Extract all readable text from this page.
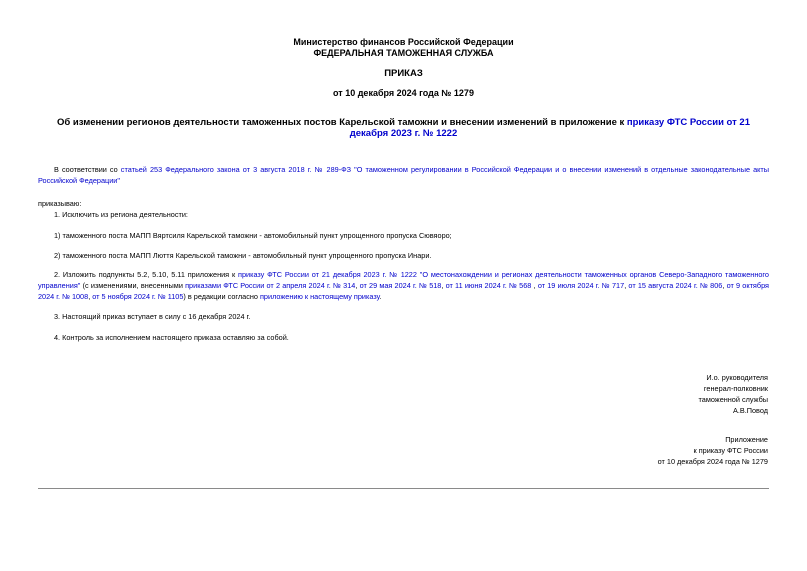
Министерство финансов Российской Федерации
ФЕДЕРАЛЬНАЯ ТАМОЖЕННАЯ СЛУЖБА
ПРИКАЗ
от 10 декабря 2024 года № 1279
Об изменении регионов деятельности таможенных постов Карельской таможни и внесении изменений в приложение к приказу ФТС России от 21 декабря 2023 г. № 1222
В соответствии со статьей 253 Федерального закона от 3 августа 2018 г. № 289-ФЗ "О таможенном регулировании в Российской Федерации и о внесении изменений в отдельные законодательные акты Российской Федерации"
приказываю:
1. Исключить из региона деятельности:
1) таможенного поста МАПП Вяртсиля Карельской таможни - автомобильный пункт упрощенного пропуска Сювяоро;
2) таможенного поста МАПП Люття Карельской таможни - автомобильный пункт упрощенного пропуска Инари.
2. Изложить подпункты 5.2, 5.10, 5.11 приложения к приказу ФТС России от 21 декабря 2023 г. № 1222 "О местонахождении и регионах деятельности таможенных органов Северо-Западного таможенного управления" (с изменениями, внесенными приказами ФТС России от 2 апреля 2024 г. № 314, от 29 мая 2024 г. № 518, от 11 июня 2024 г. № 568 , от 19 июля 2024 г. № 717, от 15 августа 2024 г. № 806, от 9 октября 2024 г. № 1008, от 5 ноября 2024 г. № 1105) в редакции согласно приложению к настоящему приказу.
3. Настоящий приказ вступает в силу с 16 декабря 2024 г.
4. Контроль за исполнением настоящего приказа оставляю за собой.
И.о. руководителя
генерал-полковник
таможенной службы
А.В.Повод
Приложение
к приказу ФТС России
от 10 декабря 2024 года № 1279
